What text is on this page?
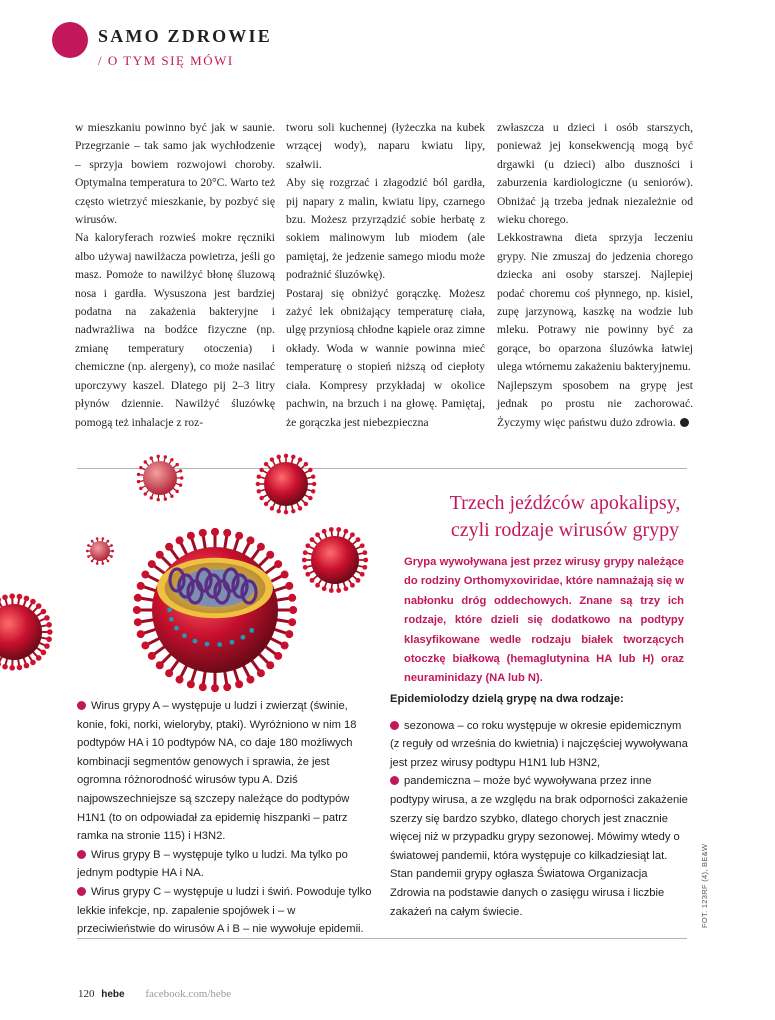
SAMO ZDROWIE
/ O TYM SIĘ MÓWI

w mieszkaniu powinno być jak w saunie. Przegrzanie – tak samo jak wychłodzenie – sprzyja bowiem rozwojowi choroby. Optymalna temperatura to 20°C. Warto też często wietrzyć mieszkanie, by pozbyć się wirusów.

Na kaloryferach rozwieś mokre ręczniki albo używaj nawilżacza powietrza, jeśli go masz. Pomoże to nawilżyć błonę śluzową nosa i gardła. Wysuszona jest bardziej podatna na zakażenia bakteryjne i nadwrażliwa na bodźce fizyczne (np. zmianę temperatury otoczenia) i chemiczne (np. alergeny), co może nasilać uporczywy kaszel. Dlatego pij 2–3 litry płynów dziennie. Nawilżyć śluzówkę pomogą też inhalacje z roz-

tworu soli kuchennej (łyżeczka na kubek wrzącej wody), naparu kwiatu lipy, szałwii.

Aby się rozgrzać i złagodzić ból gardła, pij napary z malin, kwiatu lipy, czarnego bzu. Możesz przyrządzić sobie herbatę z sokiem malinowym lub miodem (ale pamiętaj, że jedzenie samego miodu może podrażnić śluzówkę).

Postaraj się obniżyć gorączkę. Możesz zażyć lek obniżający temperaturę ciała, ulgę przyniosą chłodne kąpiele oraz zimne okłady. Woda w wannie powinna mieć temperaturę o stopień niższą od ciepłoty ciała. Kompresy przykładaj w okolice pachwin, na brzuch i na głowę. Pamiętaj, że gorączka jest niebezpieczna

zwłaszcza u dzieci i osób starszych, ponieważ jej konsekwencją mogą być drgawki (u dzieci) albo duszności i zaburzenia kardiologiczne (u seniorów). Obniżać ją trzeba jednak niezależnie od wieku chorego.

Lekkostrawna dieta sprzyja leczeniu grypy. Nie zmuszaj do jedzenia chorego dziecka ani osoby starszej. Najlepiej podać choremu coś płynnego, np. kisiel, zupę jarzynową, kaszkę na wodzie lub mleku. Potrawy nie powinny być za gorące, bo oparzona śluzówka łatwiej ulega wtórnemu zakażeniu bakteryjnemu.

Najlepszym sposobem na grypę jest jednak po prostu nie zachorować. Życzymy więc państwu dużo zdrowia.

Trzech jeźdźców apokalipsy,
czyli rodzaje wirusów grypy
Grypa wywoływana jest przez wirusy grypy należące do rodziny Orthomyxoviridae, które namnażają się w nabłonku dróg oddechowych. Znane są trzy ich rodzaje, które dzieli się dodatkowo na podtypy klasyfikowane wedle rodzaju białek tworzących otoczkę białkową (hemaglutynina HA lub H) oraz neuraminidazy (NA lub N).

Wirus grypy A – występuje u ludzi i zwierząt (świnie, konie, foki, norki, wieloryby, ptaki). Wyróżniono w nim 18 podtypów HA i 10 podtypów NA, co daje 180 możliwych kombinacji segmentów genowych i sprawia, że jest ogromna różnorodność wirusów typu A. Dziś najpowszechniejsze są szczepy należące do podtypów H1N1 (to on odpowiadał za epidemię hiszpanki – patrz ramka na stronie 115) i H3N2.

Wirus grypy B – występuje tylko u ludzi. Ma tylko po jednym podtypie HA i NA.

Wirus grypy C – występuje u ludzi i świń. Powoduje tylko lekkie infekcje, np. zapalenie spojówek i – w przeciwieństwie do wirusów A i B – nie wywołuje epidemii.

Epidemiolodzy dzielą grypę na dwa rodzaje:

sezonowa – co roku występuje w okresie epidemicznym (z reguły od września do kwietnia) i najczęściej wywoływana jest przez wirusy podtypu H1N1 lub H3N2,

pandemiczna – może być wywoływana przez inne podtypy wirusa, a ze względu na brak odporności zakażenie szerzy się bardzo szybko, dlatego chorych jest znacznie więcej niż w przypadku grypy sezonowej. Mówimy wtedy o światowej pandemii, która występuje co kilkadziesiąt lat. Stan pandemii grypy ogłasza Światowa Organizacja Zdrowia na podstawie danych o zasięgu wirusa i liczbie zakażeń na całym świecie.	FOT. 123RF (4), BE&W
120 hebe facebook.com/hebe
